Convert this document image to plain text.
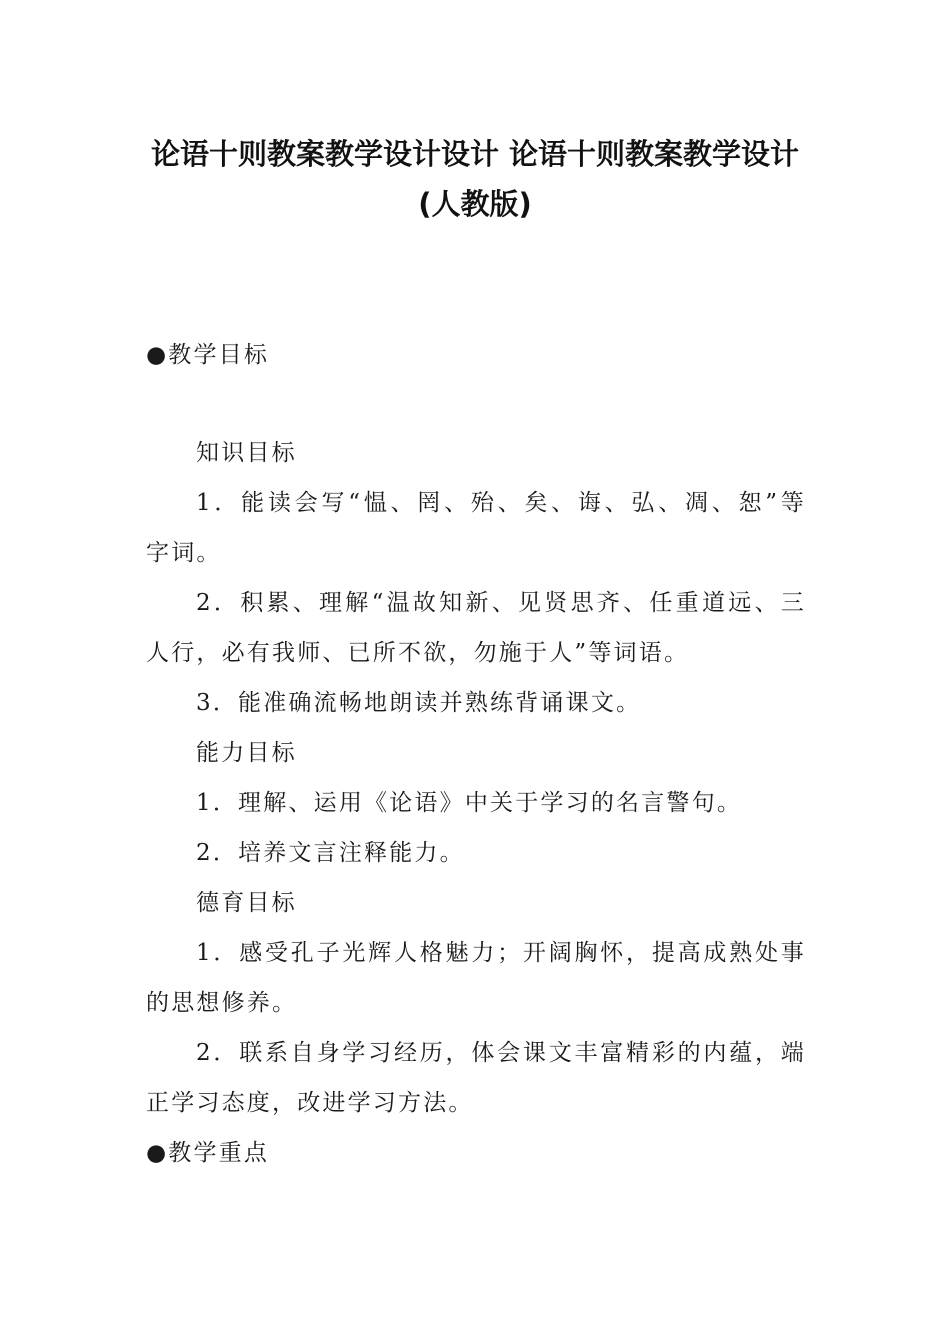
论语十则教案教学设计设计 论语十则教案教学设计
(人教版)
●教学目标
知识目标
1．能读会写“愠、罔、殆、矣、诲、弘、凋、恕”等
字词。
2．积累、理解“温故知新、见贤思齐、任重道远、三
人行，必有我师、已所不欲，勿施于人”等词语。
3．能准确流畅地朗读并熟练背诵课文。
能力目标
1．理解、运用《论语》中关于学习的名言警句。
2．培养文言注释能力。
德育目标
1．感受孔子光辉人格魅力；开阔胸怀，提高成熟处事
的思想修养。
2．联系自身学习经历，体会课文丰富精彩的内蕴，端
正学习态度，改进学习方法。
●教学重点
